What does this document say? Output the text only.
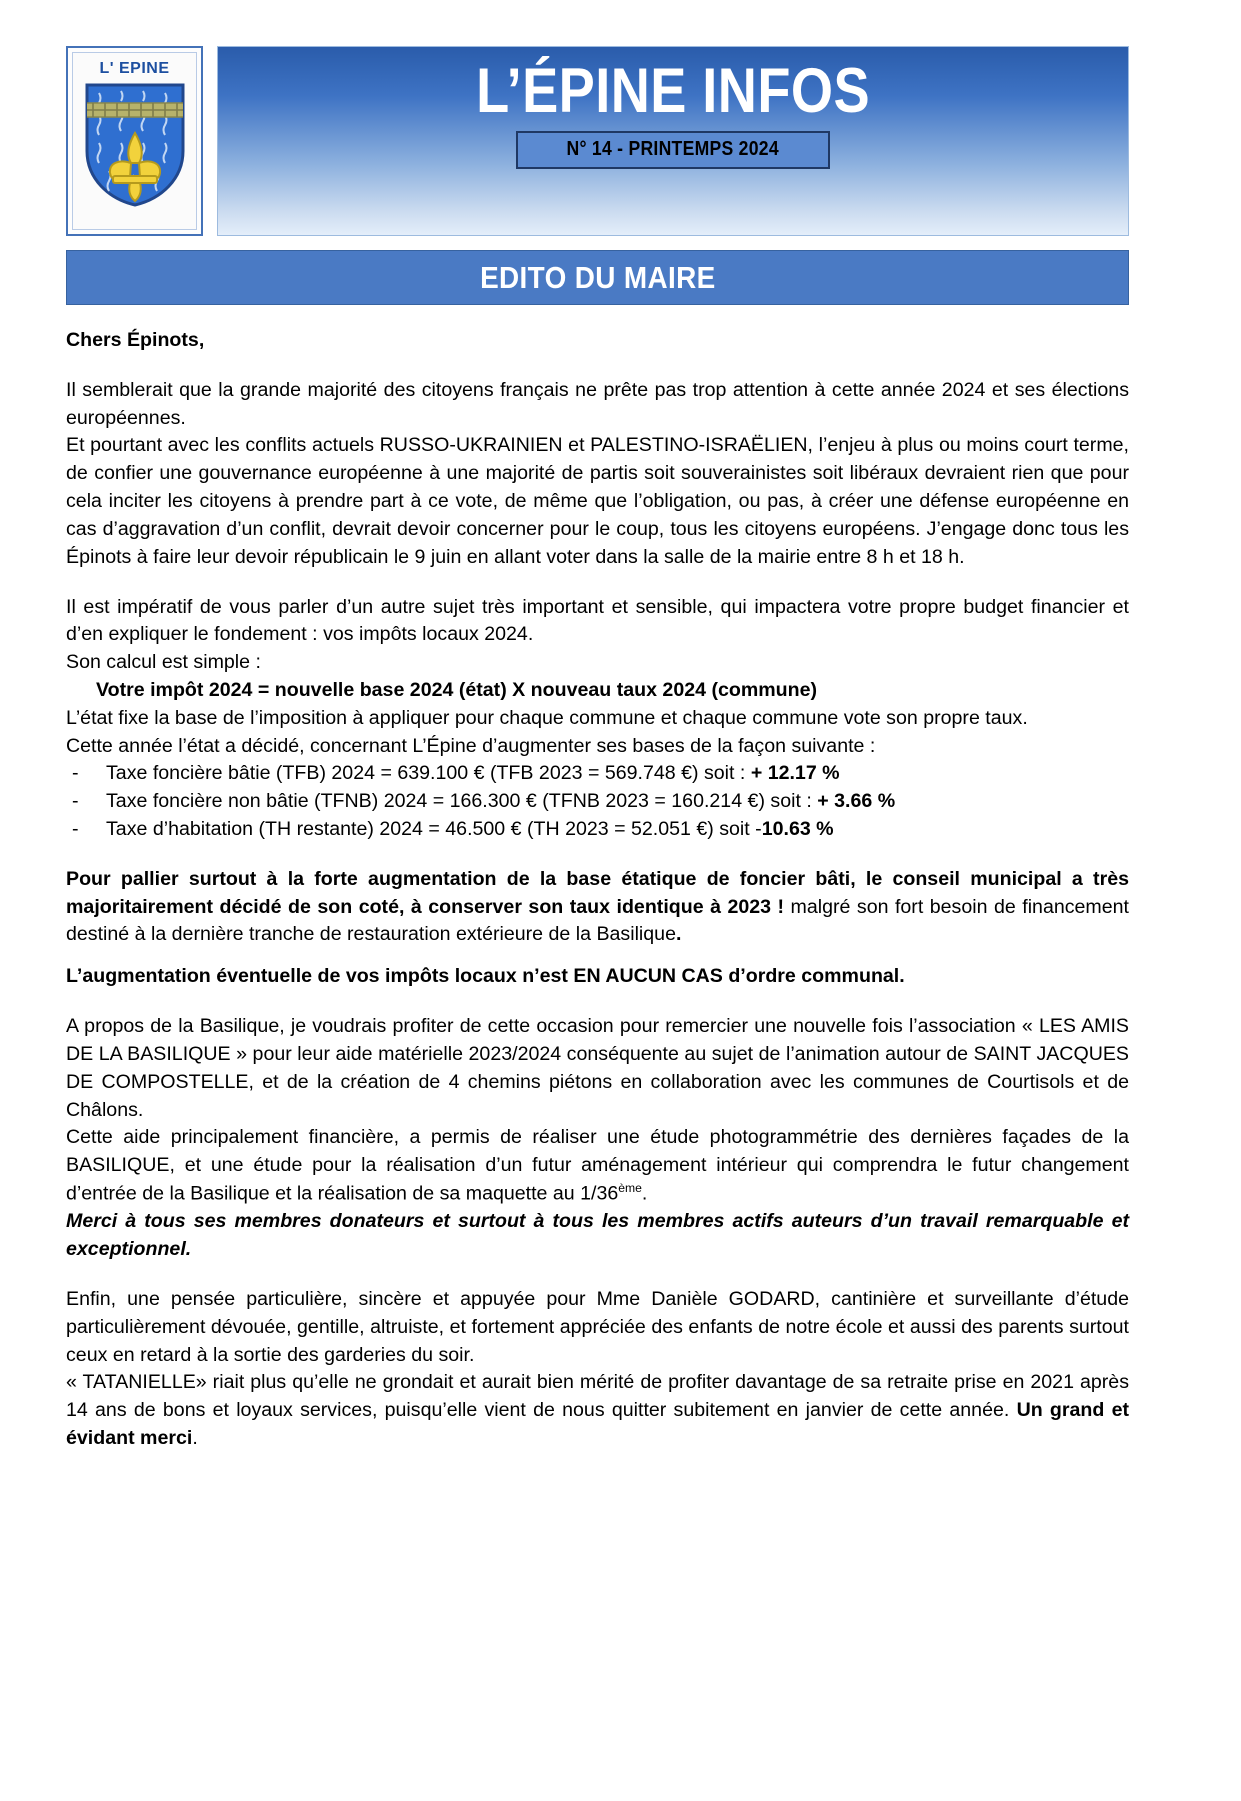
L' EPINE	L’ÉPINE INFOS
N° 14 - PRINTEMPS 2024
EDITO DU MAIRE

Chers Épinots,

Il semblerait que la grande majorité des citoyens français ne prête pas trop attention à cette année 2024 et ses élections européennes.

Et pourtant avec les conflits actuels RUSSO-UKRAINIEN et PALESTINO-ISRAËLIEN, l’enjeu à plus ou moins court terme, de confier une gouvernance européenne à une majorité de partis soit souverainistes soit libéraux devraient rien que pour cela inciter les citoyens à prendre part à ce vote, de même que l’obligation, ou pas, à créer une défense européenne en cas d’aggravation d’un conflit, devrait devoir concerner pour le coup, tous les citoyens européens. J’engage donc tous les Épinots à faire leur devoir républicain le 9 juin en allant voter dans la salle de la mairie entre 8 h et 18 h.

Il est impératif de vous parler d’un autre sujet très important et sensible, qui impactera votre propre budget financier et d’en expliquer le fondement : vos impôts locaux 2024.

Son calcul est simple :

Votre impôt 2024 = nouvelle base 2024 (état) X nouveau taux 2024 (commune)

L’état fixe la base de l’imposition à appliquer pour chaque commune et chaque commune vote son propre taux.

Cette année l’état a décidé, concernant L’Épine d’augmenter ses bases de la façon suivante :

-	Taxe foncière bâtie (TFB) 2024 = 639.100 € (TFB 2023 = 569.748 €) soit : + 12.17 %
-	Taxe foncière non bâtie (TFNB) 2024 = 166.300 € (TFNB 2023 = 160.214 €) soit : + 3.66 %
-	Taxe d’habitation (TH restante) 2024 = 46.500 € (TH 2023 = 52.051 €) soit -10.63 %

Pour pallier surtout à la forte augmentation de la base étatique de foncier bâti, le conseil municipal a très majoritairement décidé de son coté, à conserver son taux identique à 2023 ! malgré son fort besoin de financement destiné à la dernière tranche de restauration extérieure de la Basilique.

L’augmentation éventuelle de vos impôts locaux n’est EN AUCUN CAS d’ordre communal.

A propos de la Basilique, je voudrais profiter de cette occasion pour remercier une nouvelle fois l’association « LES AMIS DE LA BASILIQUE » pour leur aide matérielle 2023/2024 conséquente au sujet de l’animation autour de SAINT JACQUES DE COMPOSTELLE, et de la création de 4 chemins piétons en collaboration avec les communes de Courtisols et de Châlons.

Cette aide principalement financière, a permis de réaliser une étude photogrammétrie des dernières façades de la BASILIQUE, et une étude pour la réalisation d’un futur aménagement intérieur qui comprendra le futur changement d’entrée de la Basilique et la réalisation de sa maquette au 1/36ème.

Merci à tous ses membres donateurs et surtout à tous les membres actifs auteurs d’un travail remarquable et exceptionnel.

Enfin, une pensée particulière, sincère et appuyée pour Mme Danièle GODARD, cantinière et surveillante d’étude particulièrement dévouée, gentille, altruiste, et fortement appréciée des enfants de notre école et aussi des parents surtout ceux en retard à la sortie des garderies du soir.

« TATANIELLE» riait plus qu’elle ne grondait et aurait bien mérité de profiter davantage de sa retraite prise en 2021 après 14 ans de bons et loyaux services, puisqu’elle vient de nous quitter subitement en janvier de cette année. Un grand et évidant merci.
